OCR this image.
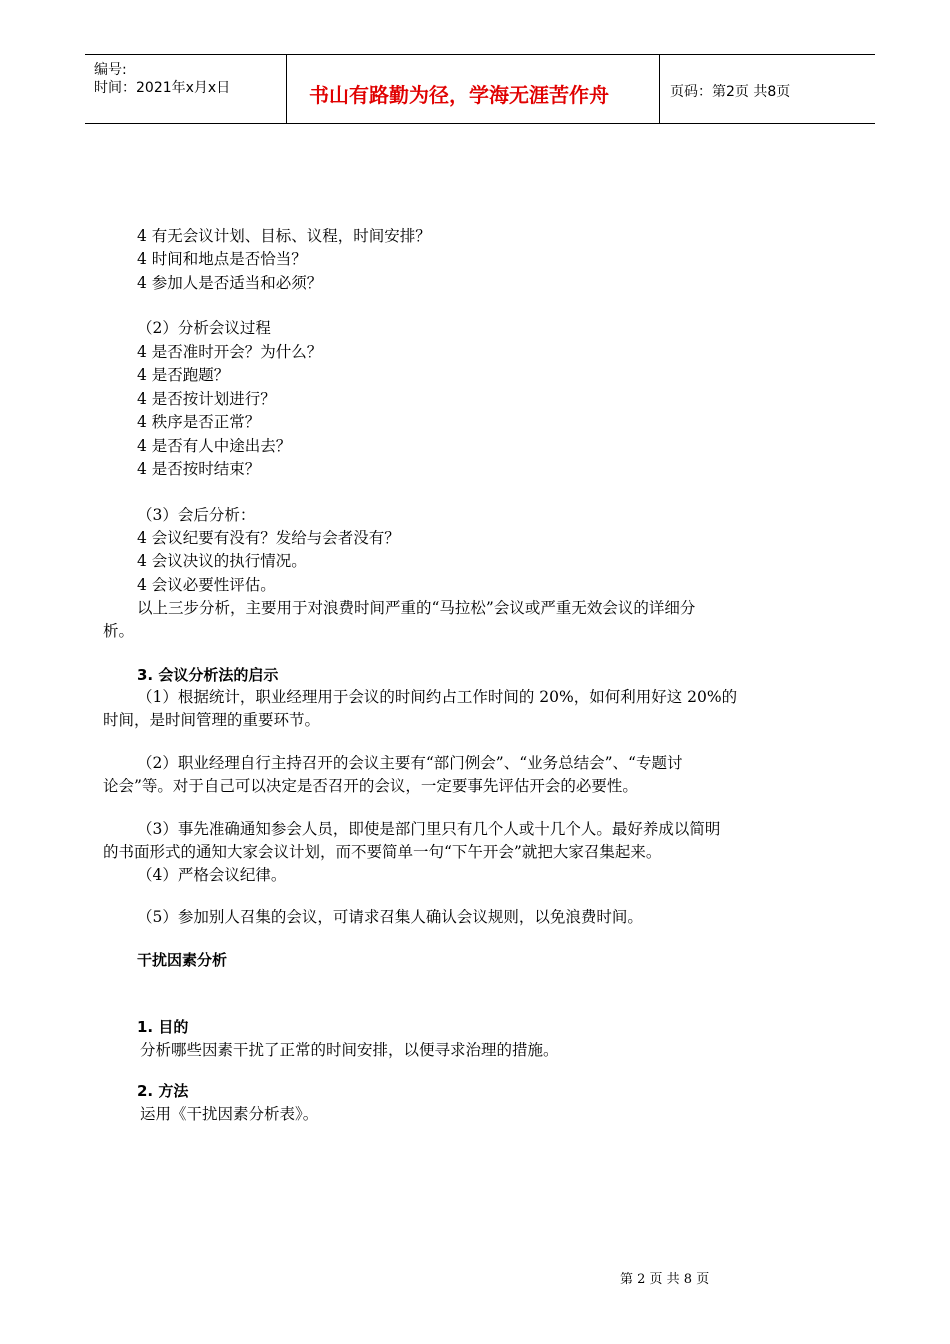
编号:
时间：2021年x月x日	书山有路勤为径，学海无涯苦作舟	页码：第2页 共8页
4 有无会议计划、目标、议程，时间安排？
4 时间和地点是否恰当？
4 参加人是否适当和必须？
（2）分析会议过程
4 是否准时开会？为什么？
4 是否跑题？
4 是否按计划进行？
4 秩序是否正常？
4 是否有人中途出去？
4 是否按时结束？
（3）会后分析：
4 会议纪要有没有？发给与会者没有？
4 会议决议的执行情况。
4 会议必要性评估。
以上三步分析，主要用于对浪费时间严重的“马拉松”会议或严重无效会议的详细分
析。
3. 会议分析法的启示
（1）根据统计，职业经理用于会议的时间约占工作时间的 20%，如何利用好这 20%的
时间，是时间管理的重要环节。
（2）职业经理自行主持召开的会议主要有“部门例会”、“业务总结会”、“专题讨
论会”等。对于自己可以决定是否召开的会议，一定要事先评估开会的必要性。
（3）事先准确通知参会人员，即使是部门里只有几个人或十几个人。最好养成以简明
的书面形式的通知大家会议计划，而不要简单一句“下午开会”就把大家召集起来。
（4）严格会议纪律。
（5）参加别人召集的会议，可请求召集人确认会议规则，以免浪费时间。
干扰因素分析
1. 目的
分析哪些因素干扰了正常的时间安排，以便寻求治理的措施。
2. 方法
运用《干扰因素分析表》。
第 2 页 共 8 页
